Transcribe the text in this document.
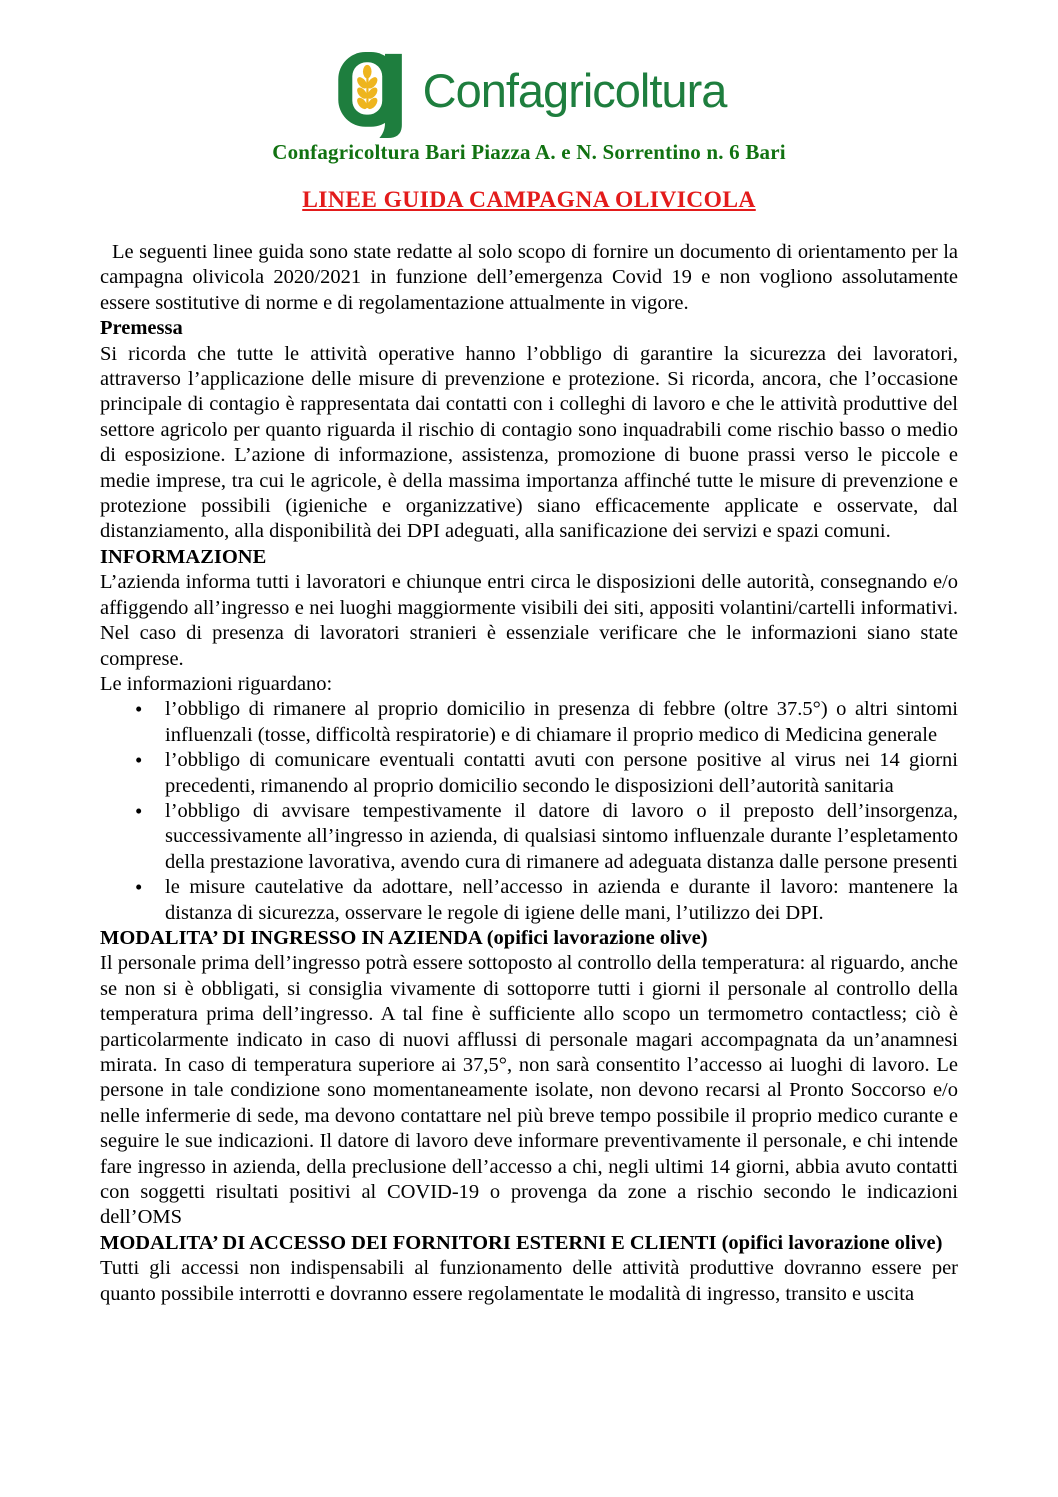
Confagricoltura
Confagricoltura Bari Piazza A. e N. Sorrentino n. 6 Bari
LINEE GUIDA CAMPAGNA OLIVICOLA

Le seguenti linee guida sono state redatte al solo scopo di fornire un documento di orientamento per la campagna olivicola 2020/2021 in funzione dell’emergenza Covid 19 e non vogliono assolutamente essere sostitutive di norme e di regolamentazione attualmente in vigore.

Premessa

Si ricorda che tutte le attività operative hanno l’obbligo di garantire la sicurezza dei lavoratori, attraverso l’applicazione delle misure di prevenzione e protezione. Si ricorda, ancora, che l’occasione principale di contagio è rappresentata dai contatti con i colleghi di lavoro e che le attività produttive del settore agricolo per quanto riguarda il rischio di contagio sono inquadrabili come rischio basso o medio di esposizione. L’azione di informazione, assistenza, promozione di buone prassi verso le piccole e medie imprese, tra cui le agricole, è della massima importanza affinché tutte le misure di prevenzione e protezione possibili (igieniche e organizzative) siano efficacemente applicate e osservate, dal distanziamento, alla disponibilità dei DPI adeguati, alla sanificazione dei servizi e spazi comuni.

INFORMAZIONE

L’azienda informa tutti i lavoratori e chiunque entri circa le disposizioni delle autorità, consegnando e/o affiggendo all’ingresso e nei luoghi maggiormente visibili dei siti, appositi volantini/cartelli informativi. Nel caso di presenza di lavoratori stranieri è essenziale verificare che le informazioni siano state comprese.

Le informazioni riguardano:

• l’obbligo di rimanere al proprio domicilio in presenza di febbre (oltre 37.5°) o altri sintomi influenzali (tosse, difficoltà respiratorie) e di chiamare il proprio medico di Medicina generale
• l’obbligo di comunicare eventuali contatti avuti con persone positive al virus nei 14 giorni precedenti, rimanendo al proprio domicilio secondo le disposizioni dell’autorità sanitaria
• l’obbligo di avvisare tempestivamente il datore di lavoro o il preposto dell’insorgenza, successivamente all’ingresso in azienda, di qualsiasi sintomo influenzale durante l’espletamento della prestazione lavorativa, avendo cura di rimanere ad adeguata distanza dalle persone presenti
• le misure cautelative da adottare, nell’accesso in azienda e durante il lavoro: mantenere la distanza di sicurezza, osservare le regole di igiene delle mani, l’utilizzo dei DPI.
MODALITA’ DI INGRESSO IN AZIENDA (opifici lavorazione olive)

Il personale prima dell’ingresso potrà essere sottoposto al controllo della temperatura: al riguardo, anche se non si è obbligati, si consiglia vivamente di sottoporre tutti i giorni il personale al controllo della temperatura prima dell’ingresso. A tal fine è sufficiente allo scopo un termometro contactless; ciò è particolarmente indicato in caso di nuovi afflussi di personale magari accompagnata da un’anamnesi mirata. In caso di temperatura superiore ai 37,5°, non sarà consentito l’accesso ai luoghi di lavoro. Le persone in tale condizione sono momentaneamente isolate, non devono recarsi al Pronto Soccorso e/o nelle infermerie di sede, ma devono contattare nel più breve tempo possibile il proprio medico curante e seguire le sue indicazioni. Il datore di lavoro deve informare preventivamente il personale, e chi intende fare ingresso in azienda, della preclusione dell’accesso a chi, negli ultimi 14 giorni, abbia avuto contatti con soggetti risultati positivi al COVID-19 o provenga da zone a rischio secondo le indicazioni dell’OMS

MODALITA’ DI ACCESSO DEI FORNITORI ESTERNI E CLIENTI (opifici lavorazione olive)

Tutti gli accessi non indispensabili al funzionamento delle attività produttive dovranno essere per quanto possibile interrotti e dovranno essere regolamentate le modalità di ingresso, transito e uscita
